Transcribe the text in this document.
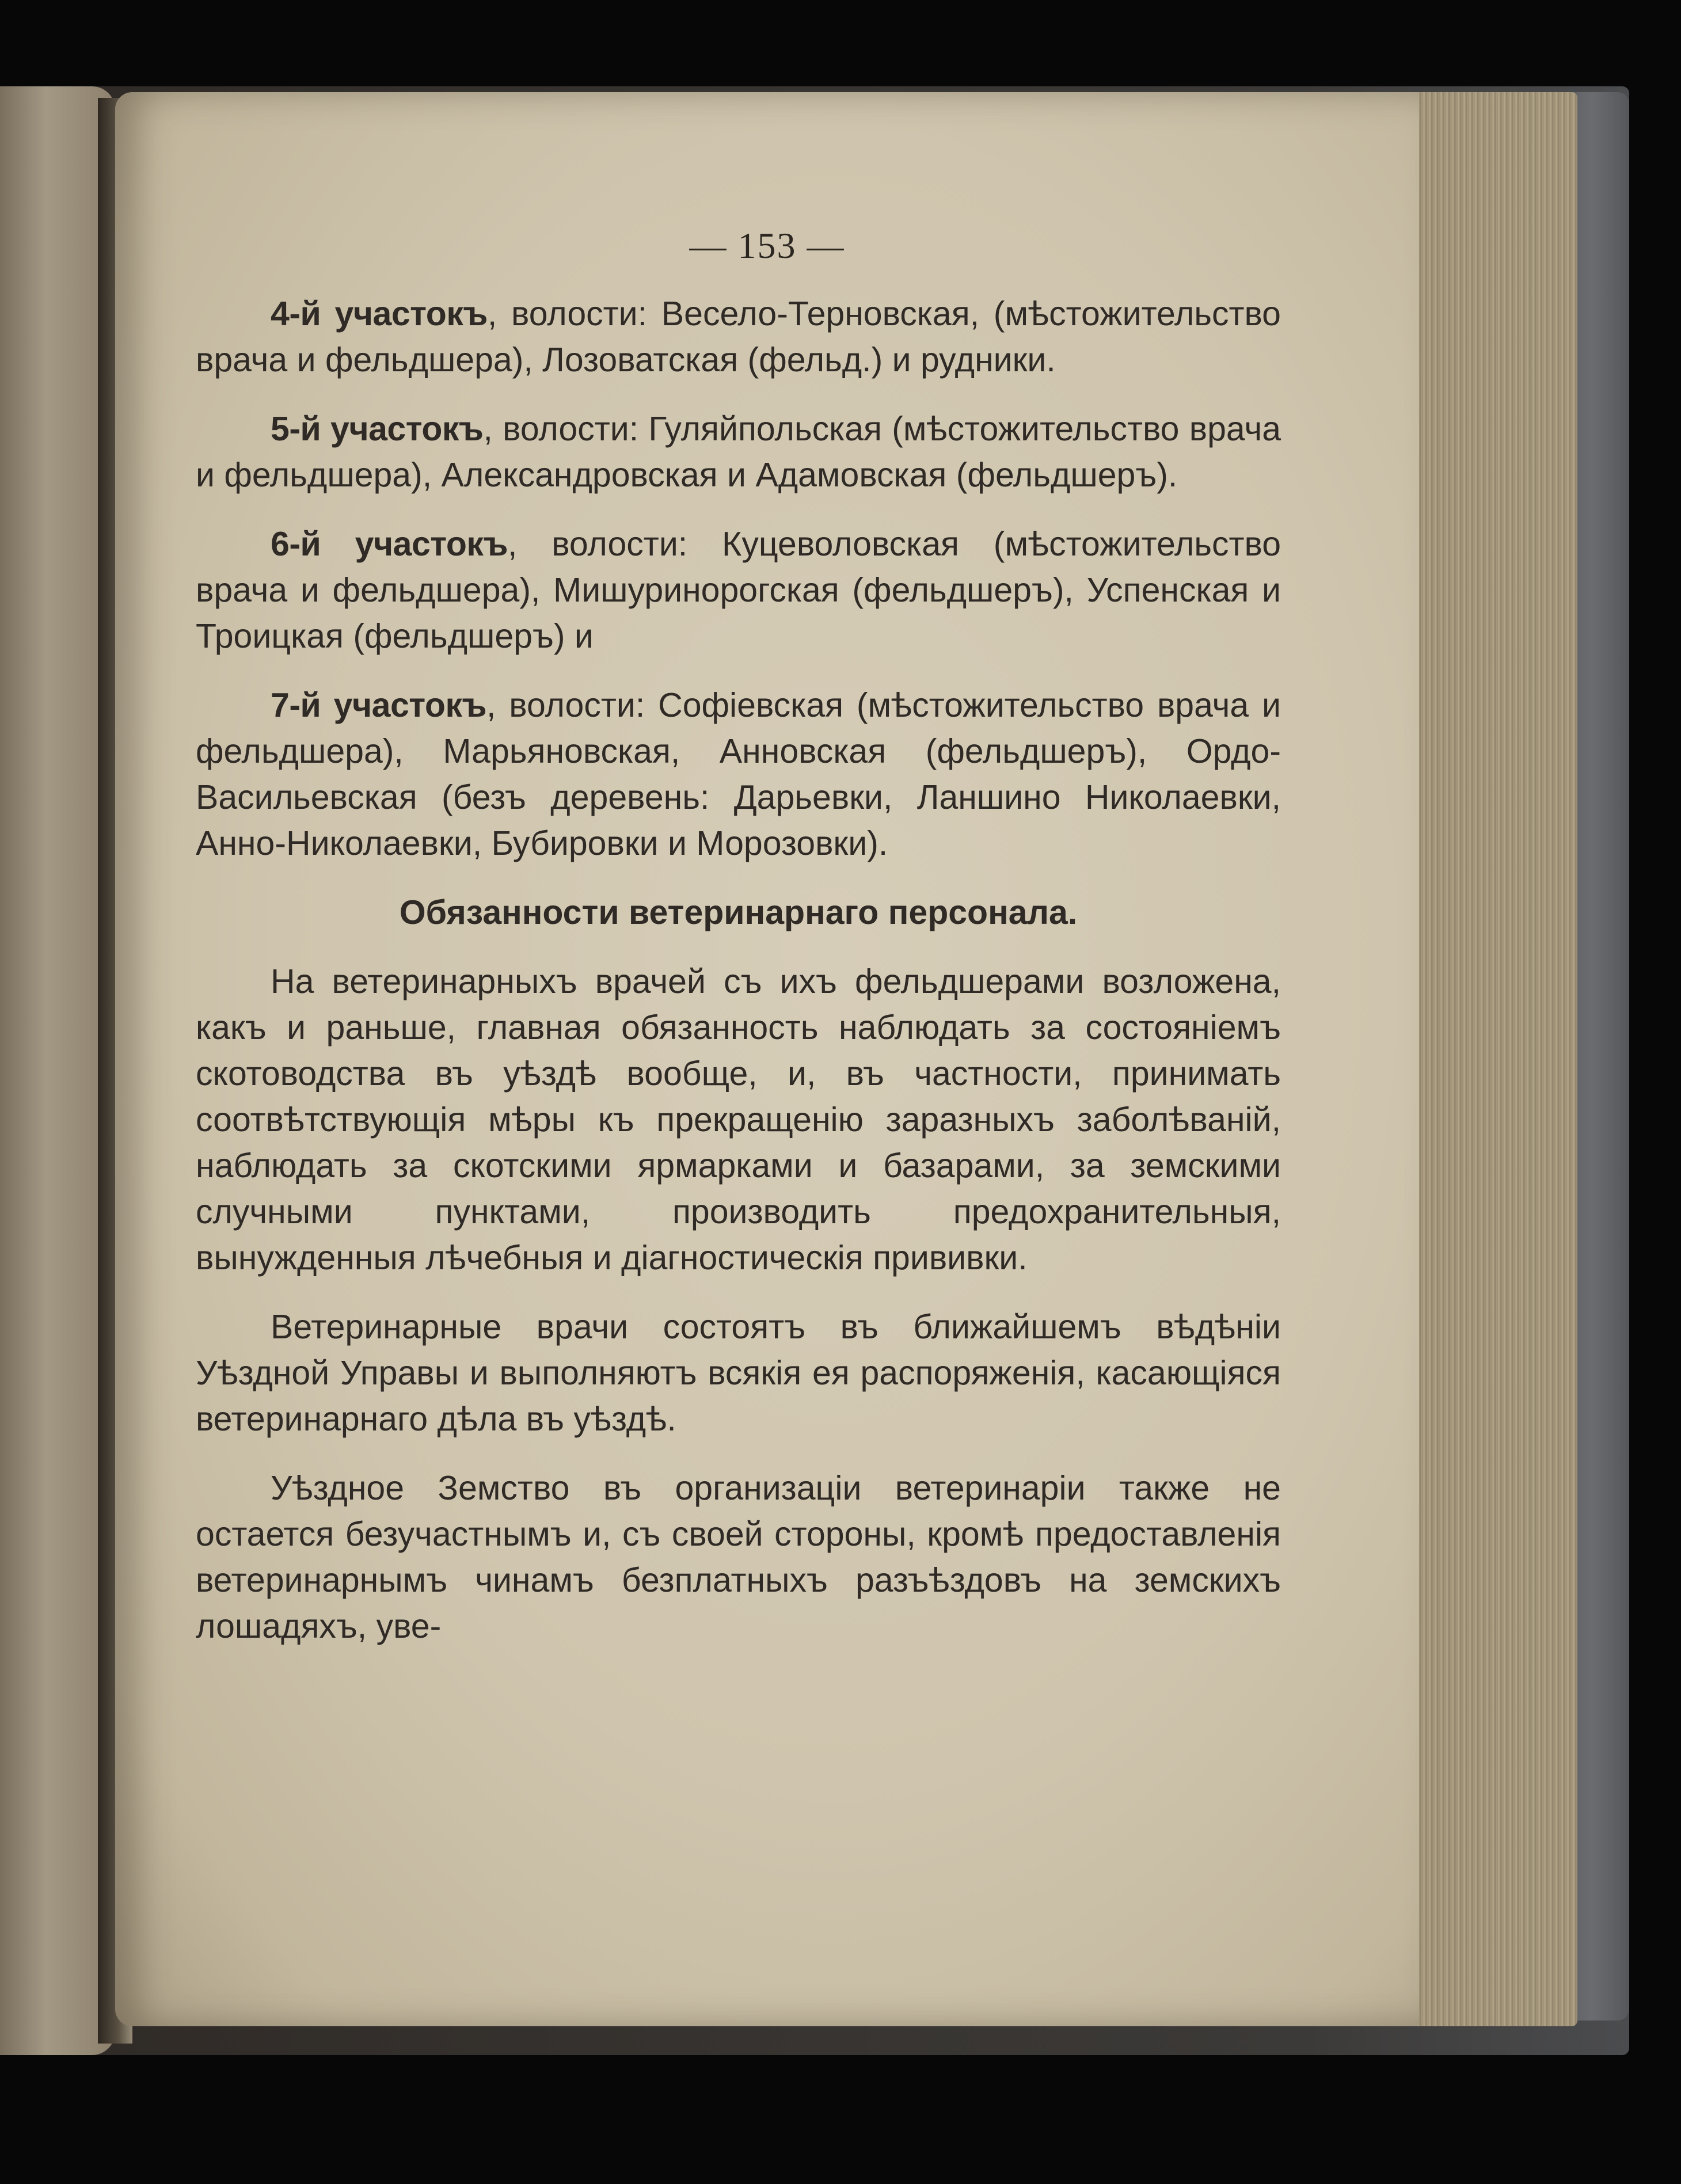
— 153 —

4-й участокъ, волости: Весело-Терновская, (мѣстожительство врача и фельдшера), Лозоватская (фельд.) и рудники.

5-й участокъ, волости: Гуляйпольская (мѣстожительство врача и фельдшера), Александровская и Адамовская (фельдшеръ).

6-й участокъ, волости: Куцеволовская (мѣстожительство врача и фельдшера), Мишуринорогская (фельдшеръ), Успенская и Троицкая (фельдшеръ) и

7-й участокъ, волости: Софіевская (мѣстожительство врача и фельдшера), Марьяновская, Анновская (фельдшеръ), Ордо-Васильевская (безъ деревень: Дарьевки, Ланшино Николаевки, Анно-Николаевки, Бубировки и Морозовки).

Обязанности ветеринарнаго персонала.

На ветеринарныхъ врачей съ ихъ фельдшерами возложена, какъ и раньше, главная обязанность наблюдать за состояніемъ скотоводства въ уѣздѣ вообще, и, въ частности, принимать соотвѣтствующія мѣры къ прекращенію заразныхъ заболѣваній, наблюдать за скотскими ярмарками и базарами, за земскими случными пунктами, производить предохранительныя, вынужденныя лѣчебныя и діагностическія прививки.

Ветеринарные врачи состоятъ въ ближайшемъ вѣдѣніи Уѣздной Управы и выполняютъ всякія ея распоряженія, касающіяся ветеринарнаго дѣла въ уѣздѣ.

Уѣздное Земство въ организаціи ветеринаріи также не остается безучастнымъ и, съ своей стороны, кромѣ предоставленія ветеринарнымъ чинамъ безплатныхъ разъѣздовъ на земскихъ лошадяхъ, уве-
